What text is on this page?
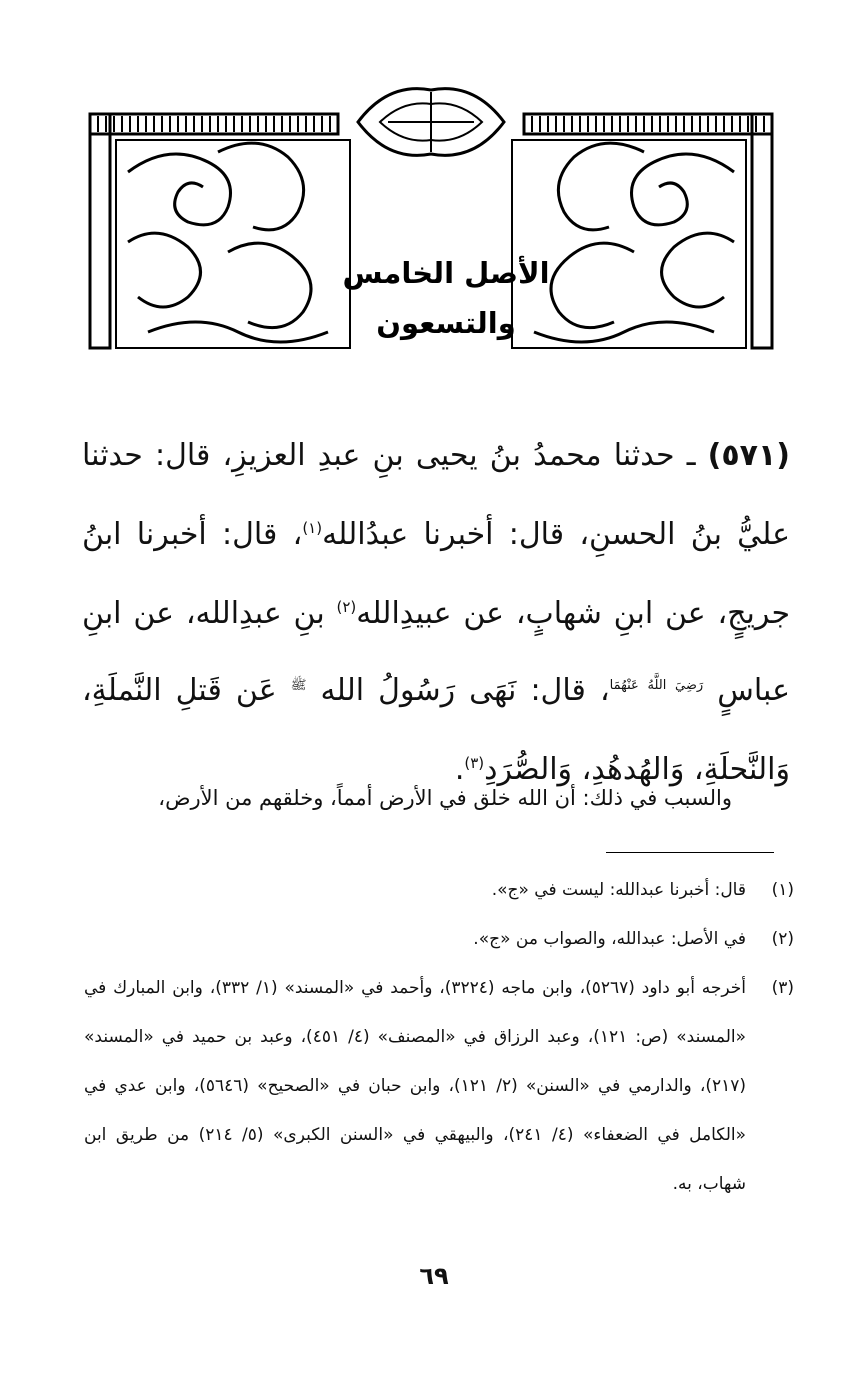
الأصل الخامس والتسعون
(٥٧١) ـ حدثنا محمدُ بنُ يحيى بنِ عبدِ العزيزِ، قال: حدثنا عليُّ بنُ الحسنِ، قال: أخبرنا عبدُالله$^{(١)}$، قال: أخبرنا ابنُ جريجٍ، عن ابنِ شهابٍ، عن عبيدِالله$^{(٢)}$ بنِ عبدِالله، عن ابنِ عباسٍ $^{رَضِيَ اللَّهُ عَنْهُمَا}$، قال: نَهَى رَسُولُ الله $^ﷺ$ عَن قَتلِ النَّملَةِ، وَالنَّحلَةِ، وَالهُدهُدِ، وَالصُّرَدِ$^{(٣)}$.
والسبب في ذلك: أن الله خلق في الأرض أمماً، وخلقهم من الأرض،
(١)
قال: أخبرنا عبدالله: ليست في «ج».
(٢)
في الأصل: عبدالله، والصواب من «ج».
(٣)
أخرجه أبو داود (٥٢٦٧)، وابن ماجه (٣٢٢٤)، وأحمد في «المسند» (١/ ٣٣٢)، وابن المبارك في «المسند» (ص: ١٢١)، وعبد الرزاق في «المصنف» (٤/ ٤٥١)، وعبد بن حميد في «المسند» (٢١٧)، والدارمي في «السنن» (٢/ ١٢١)، وابن حبان في «الصحيح» (٥٦٤٦)، وابن عدي في «الكامل في الضعفاء» (٤/ ٢٤١)، والبيهقي في «السنن الكبرى» (٥/ ٢١٤) من طريق ابن شهاب، به.
٦٩
